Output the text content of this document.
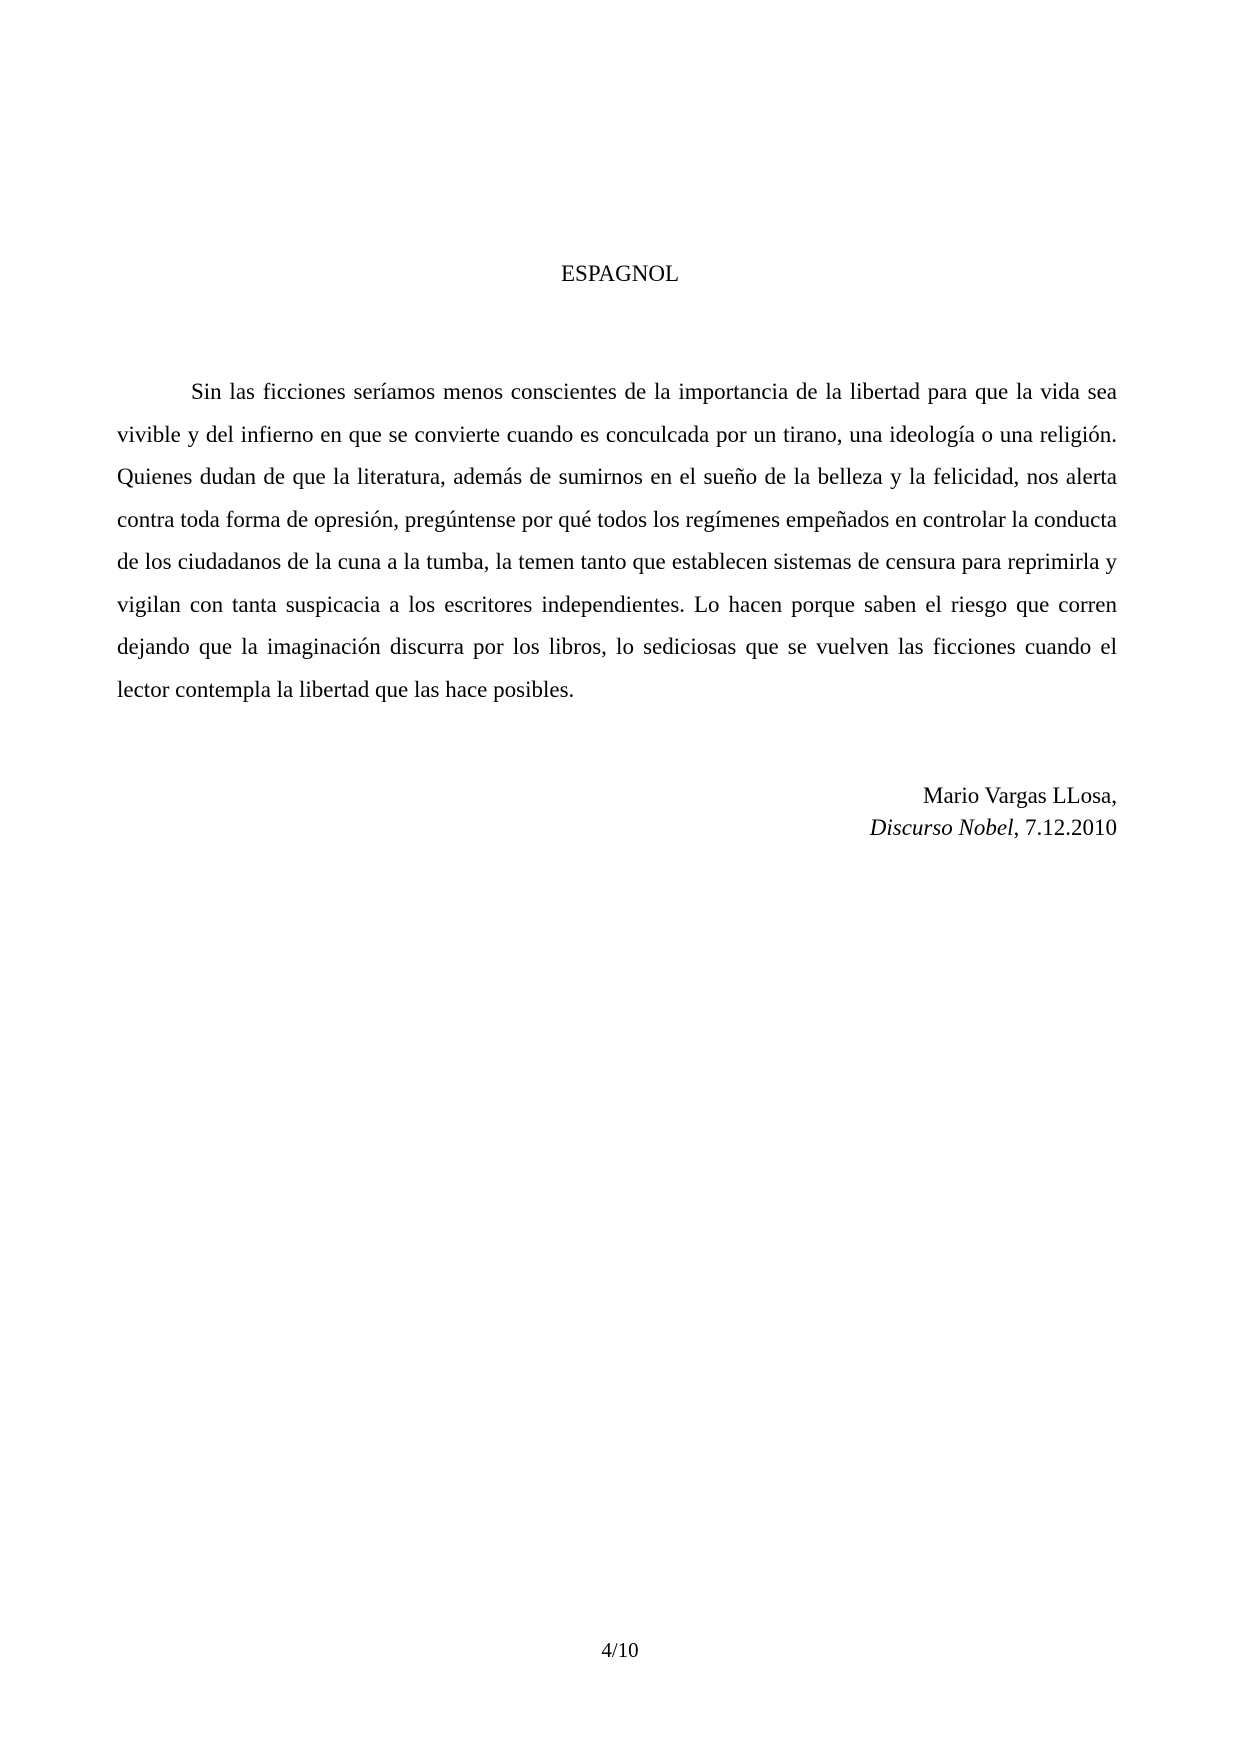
ESPAGNOL

Sin las ficciones seríamos menos conscientes de la importancia de la libertad para que la vida sea vivible y del infierno en que se convierte cuando es conculcada por un tirano, una ideología o una religión. Quienes dudan de que la literatura, además de sumirnos en el sueño de la belleza y la felicidad, nos alerta contra toda forma de opresión, pregúntense por qué todos los regímenes empeñados en controlar la conducta de los ciudadanos de la cuna a la tumba, la temen tanto que establecen sistemas de censura para reprimirla y vigilan con tanta suspicacia a los escritores independientes. Lo hacen porque saben el riesgo que corren dejando que la imaginación discurra por los libros, lo sediciosas que se vuelven las ficciones cuando el lector contempla la libertad que las hace posibles.

Mario Vargas LLosa,
Discurso Nobel, 7.12.2010
4/10
